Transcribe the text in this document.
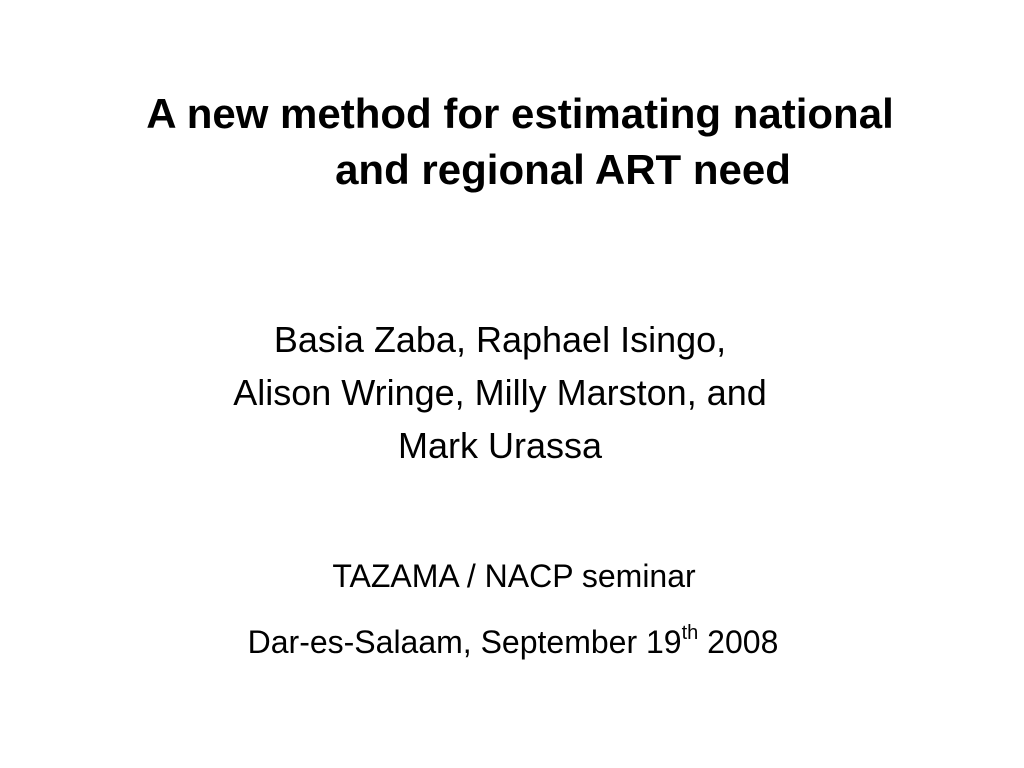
A new method for estimating national
and regional ART need
Basia Zaba, Raphael Isingo,
Alison Wringe, Milly Marston, and
Mark Urassa
TAZAMA / NACP seminar
Dar-es-Salaam, September 19th 2008
